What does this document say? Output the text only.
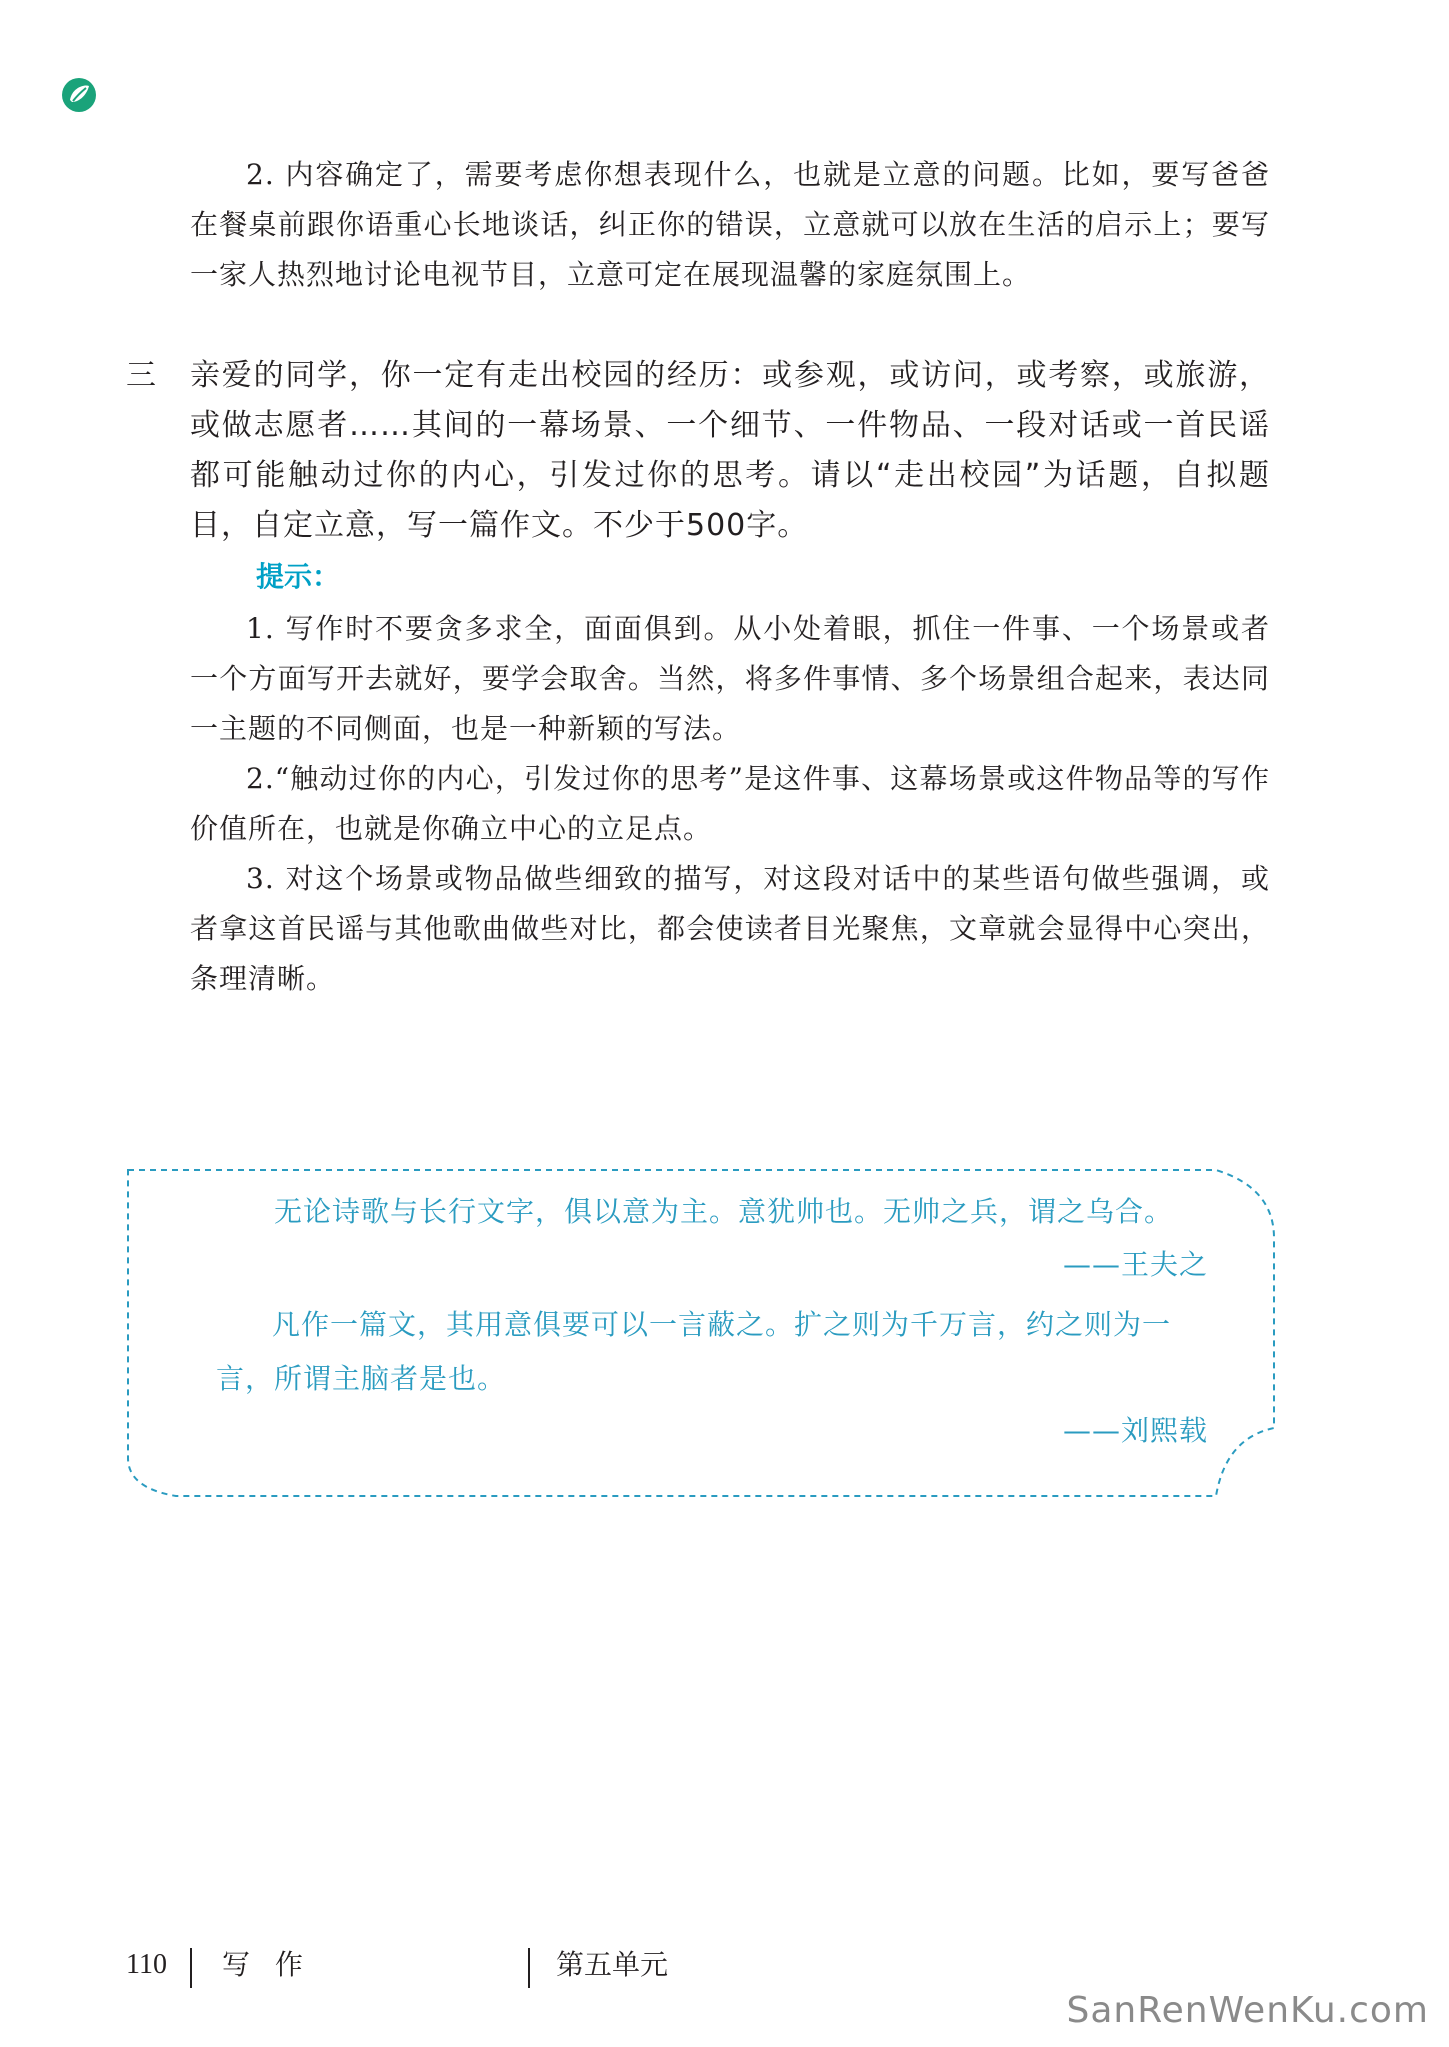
2. 内容确定了，需要考虑你想表现什么，也就是立意的问题。比如，要写爸爸在餐桌前跟你语重心长地谈话，纠正你的错误，立意就可以放在生活的启示上；要写一家人热烈地讨论电视节目，立意可定在展现温馨的家庭氛围上。

三 亲爱的同学，你一定有走出校园的经历：或参观，或访问，或考察，或旅游，或做志愿者……其间的一幕场景、一个细节、一件物品、一段对话或一首民谣都可能触动过你的内心，引发过你的思考。请以“走出校园”为话题，自拟题目，自定立意，写一篇作文。不少于500字。

提示：

1. 写作时不要贪多求全，面面俱到。从小处着眼，抓住一件事、一个场景或者一个方面写开去就好，要学会取舍。当然，将多件事情、多个场景组合起来，表达同一主题的不同侧面，也是一种新颖的写法。

2.“触动过你的内心，引发过你的思考”是这件事、这幕场景或这件物品等的写作价值所在，也就是你确立中心的立足点。

3. 对这个场景或物品做些细致的描写，对这段对话中的某些语句做些强调，或者拿这首民谣与其他歌曲做些对比，都会使读者目光聚焦，文章就会显得中心突出，条理清晰。

无论诗歌与长行文字，俱以意为主。意犹帅也。无帅之兵，谓之乌合。

——王夫之

凡作一篇文，其用意俱要可以一言蔽之。扩之则为千万言，约之则为一言，所谓主脑者是也。

——刘熙载
110 写 作	第五单元
SanRenWenKu.com
